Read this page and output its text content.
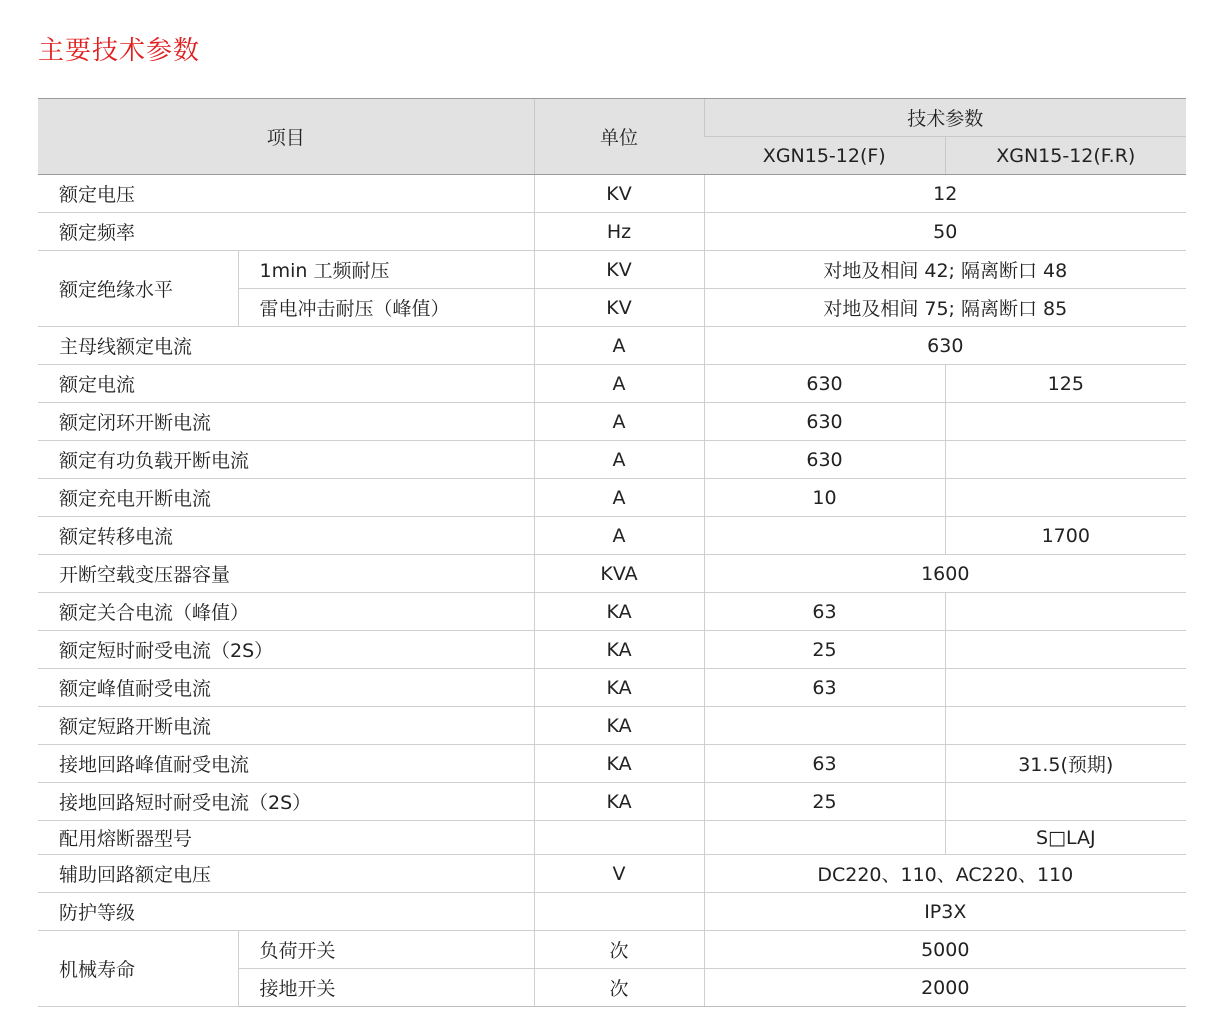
主要技术参数
项目		单位	技术参数	
			XGN15-12(F)	XGN15-12(F.R)
额定电压		KV	12	
额定频率		Hz	50	
额定绝缘水平	1min 工频耐压	KV	对地及相间 42; 隔离断口 48	
	雷电冲击耐压（峰值）	KV	对地及相间 75; 隔离断口 85	
主母线额定电流		A	630	
额定电流		A	630	125
额定闭环开断电流		A	630	
额定有功负载开断电流		A	630	
额定充电开断电流		A	10	
额定转移电流		A		1700
开断空载变压器容量		KVA	1600	
额定关合电流（峰值）		KA	63	
额定短时耐受电流（2S）		KA	25	
额定峰值耐受电流		KA	63	
额定短路开断电流		KA		
接地回路峰值耐受电流		KA	63	31.5(预期)
接地回路短时耐受电流（2S）		KA	25	
配用熔断器型号				S□LAJ
辅助回路额定电压		V	DC220、110、AC220、110	
防护等级			IP3X	
机械寿命	负荷开关	次	5000	
	接地开关	次	2000	
